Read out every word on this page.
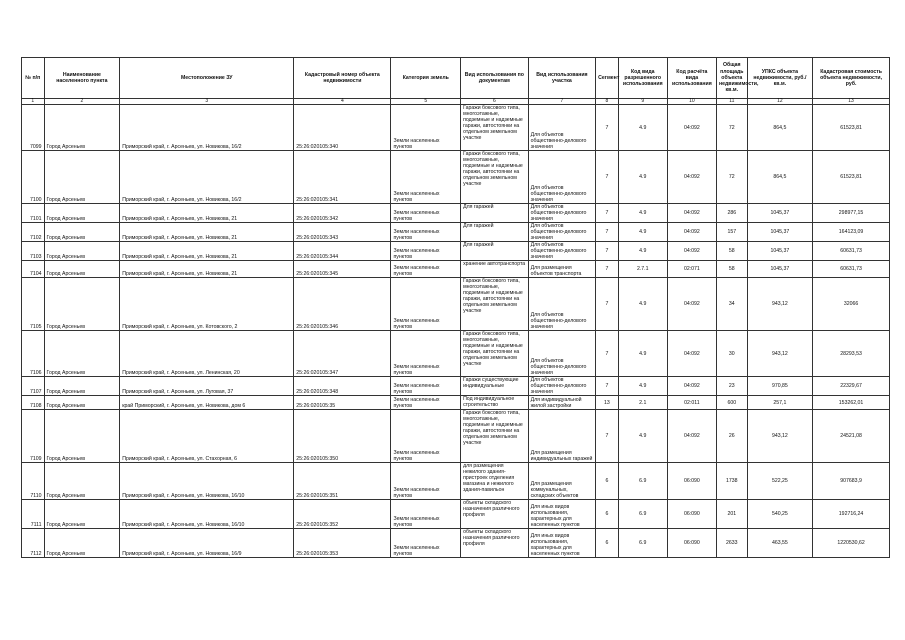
№ п/п	Наименование населенного пункта	Местоположение ЗУ	Кадастровый номер объекта недвижимости	Категория земель	Вид использования по документам	Вид использования участка	Сегмент	Код вида разрешенного использования	Код расчёта вида использования	Общая площадь объекта недвижимости, кв.м.	УПКС объекта недвижимости, руб./кв.м.	Кадастровая стоимость объекта недвижимости, руб.
1	2	3	4	5	6	7	8	9	10	11	12	13
7099	Город Арсеньев	Приморский край, г. Арсеньев, ул. Новикова, 16/2	25:26:020105:340	Земли населенных пунктов	Гаражи боксового типа, многоэтажные, подземные и надземные гаражи, автостоянки на отдельном земельном участке	Для объектов общественно-делового значения	7	4.9	04:092	72	864,5	61523,81
7100	Город Арсеньев	Приморский край, г. Арсеньев, ул. Новикова, 16/2	25:26:020105:341	Земли населенных пунктов	Гаражи боксового типа, многоэтажные, подземные и надземные гаражи, автостоянки на отдельном земельном участке	Для объектов общественно-делового значения	7	4.9	04:092	72	864,5	61523,81
7101	Город Арсеньев	Приморский край, г. Арсеньев, ул. Новикова, 21	25:26:020105:342	Земли населенных пунктов	Для гаражей	Для объектов общественно-делового значения	7	4.9	04:092	286	1045,37	298977,15
7102	Город Арсеньев	Приморский край, г. Арсеньев, ул. Новикова, 21	25:26:020105:343	Земли населенных пунктов	Для гаражей	Для объектов общественно-делового значения	7	4.9	04:092	157	1045,37	164123,09
7103	Город Арсеньев	Приморский край, г. Арсеньев, ул. Новикова, 21	25:26:020105:344	Земли населенных пунктов	Для гаражей	Для объектов общественно-делового значения	7	4.9	04:092	58	1045,37	60631,73
7104	Город Арсеньев	Приморский край, г. Арсеньев, ул. Новикова, 21	25:26:020105:345	Земли населенных пунктов	хранение автотранспорта	Для размещения объектов транспорта	7	2.7.1	02:071	58	1045,37	60631,73
7105	Город Арсеньев	Приморский край, г. Арсеньев, ул. Котовского, 2	25:26:020105:346	Земли населенных пунктов	Гаражи боксового типа, многоэтажные, подземные и надземные гаражи, автостоянки на отдельном земельном участке	Для объектов общественно-делового значения	7	4.9	04:092	34	943,12	32066
7106	Город Арсеньев	Приморский край, г. Арсеньев, ул. Ленинская, 20	25:26:020105:347	Земли населенных пунктов	Гаражи боксового типа, многоэтажные, подземные и надземные гаражи, автостоянки на отдельном земельном участке	Для объектов общественно-делового значения	7	4.9	04:092	30	943,12	28293,53
7107	Город Арсеньев	Приморский край, г. Арсеньев, ул. Луговая, 37	25:26:020105:348	Земли населенных пунктов	Гаражи существующие индивидуальные	Для объектов общественно-делового значения	7	4.9	04:092	23	970,85	22329,67
7108	Город Арсеньев	край Приморский, г. Арсеньев, ул. Новикова, дом 6	25:26:020105:35	Земли населенных пунктов	Под индивидуальное строительство	Для индивидуальной жилой застройки	13	2.1	02:011	600	257,1	153262,01
7109	Город Арсеньев	Приморский край, г. Арсеньев, ул. Стахорная, 6	25:26:020105:350	Земли населенных пунктов	Гаражи боксового типа, многоэтажные, подземные и надземные гаражи, автостоянки на отдельном земельном участке	Для размещения индивидуальных гаражей	7	4.9	04:092	26	943,12	24521,08
7110	Город Арсеньев	Приморский край, г. Арсеньев, ул. Новикова, 16/10	25:26:020105:351	Земли населенных пунктов	для размещения нежилого здания-пристроек отделения магазина и нежилого здания-павильон	Для размещения коммунальных, складских объектов	6	6.9	06:090	1738	522,25	907683,9
7111	Город Арсеньев	Приморский край, г. Арсеньев, ул. Новикова, 16/10	25:26:020105:352	Земли населенных пунктов	объекты складского назначения различного профиля	Для иных видов использования, характерных для населенных пунктов	6	6.9	06:090	201	540,25	192716,24
7112	Город Арсеньев	Приморский край, г. Арсеньев, ул. Новикова, 16/9	25:26:020105:353	Земли населенных пунктов	объекты складского назначения различного профиля	Для иных видов использования, характерных для населенных пунктов	6	6.9	06:090	2633	463,55	1220530,62
